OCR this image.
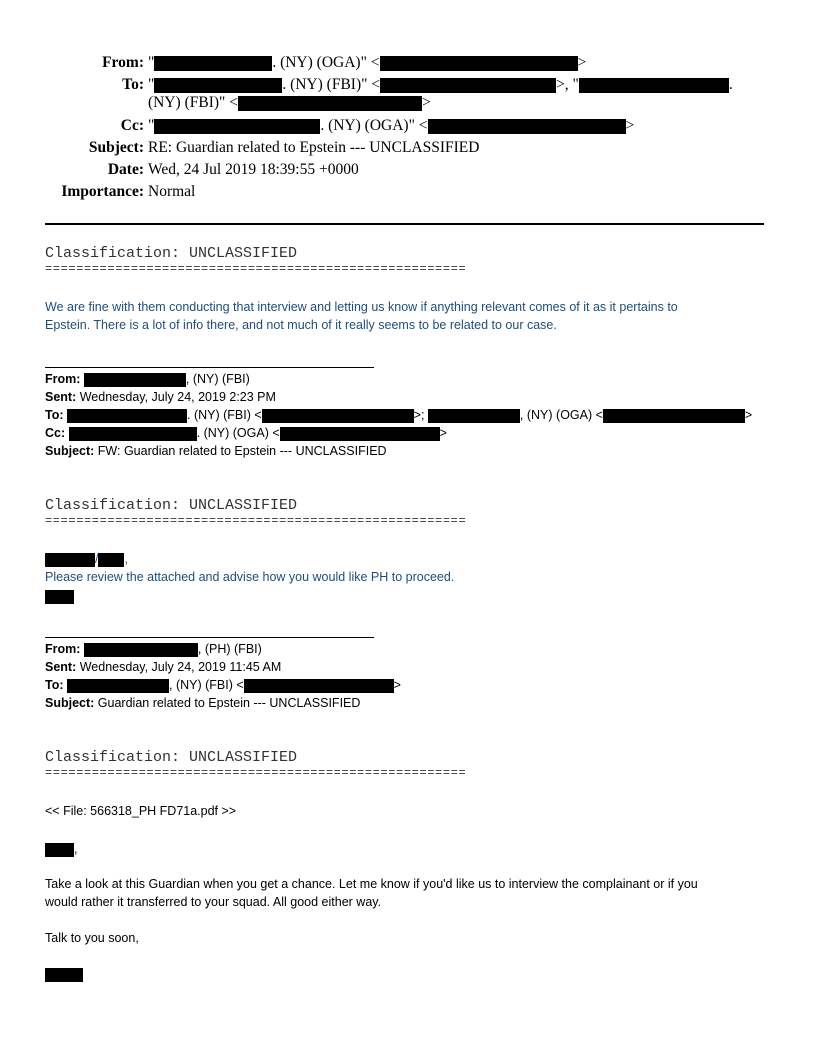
From: "	. (NY) (OGA)" <	>
To: "	. (NY) (FBI)" <	>, "	.
(NY) (FBI)" <	>
Cc: "	. (NY) (OGA)" <	>
Subject: RE: Guardian related to Epstein --- UNCLASSIFIED
Date: Wed, 24 Jul 2019 18:39:55 +0000
Importance: Normal
Classification: UNCLASSIFIED
======================================================
We are fine with them conducting that interview and letting us know if anything relevant comes of it as it pertains to
Epstein. There is a lot of info there, and not much of it really seems to be related to our case.
From:	, (NY) (FBI)
Sent: Wednesday, July 24, 2019 2:23 PM
To:	. (NY) (FBI) <	>;	, (NY) (OGA) <	>
Cc:	. (NY) (OGA) <	>
Subject: FW: Guardian related to Epstein --- UNCLASSIFIED
Classification: UNCLASSIFIED
======================================================
/ ,
Please review the attached and advise how you would like PH to proceed.
From:	, (PH) (FBI)
Sent: Wednesday, July 24, 2019 11:45 AM
To:	, (NY) (FBI) <	>
Subject: Guardian related to Epstein --- UNCLASSIFIED
Classification: UNCLASSIFIED
======================================================
<< File: 566318_PH FD71a.pdf >>
,
Take a look at this Guardian when you get a chance. Let me know if you'd like us to interview the complainant or if you
would rather it transferred to your squad. All good either way.
Talk to you soon,
